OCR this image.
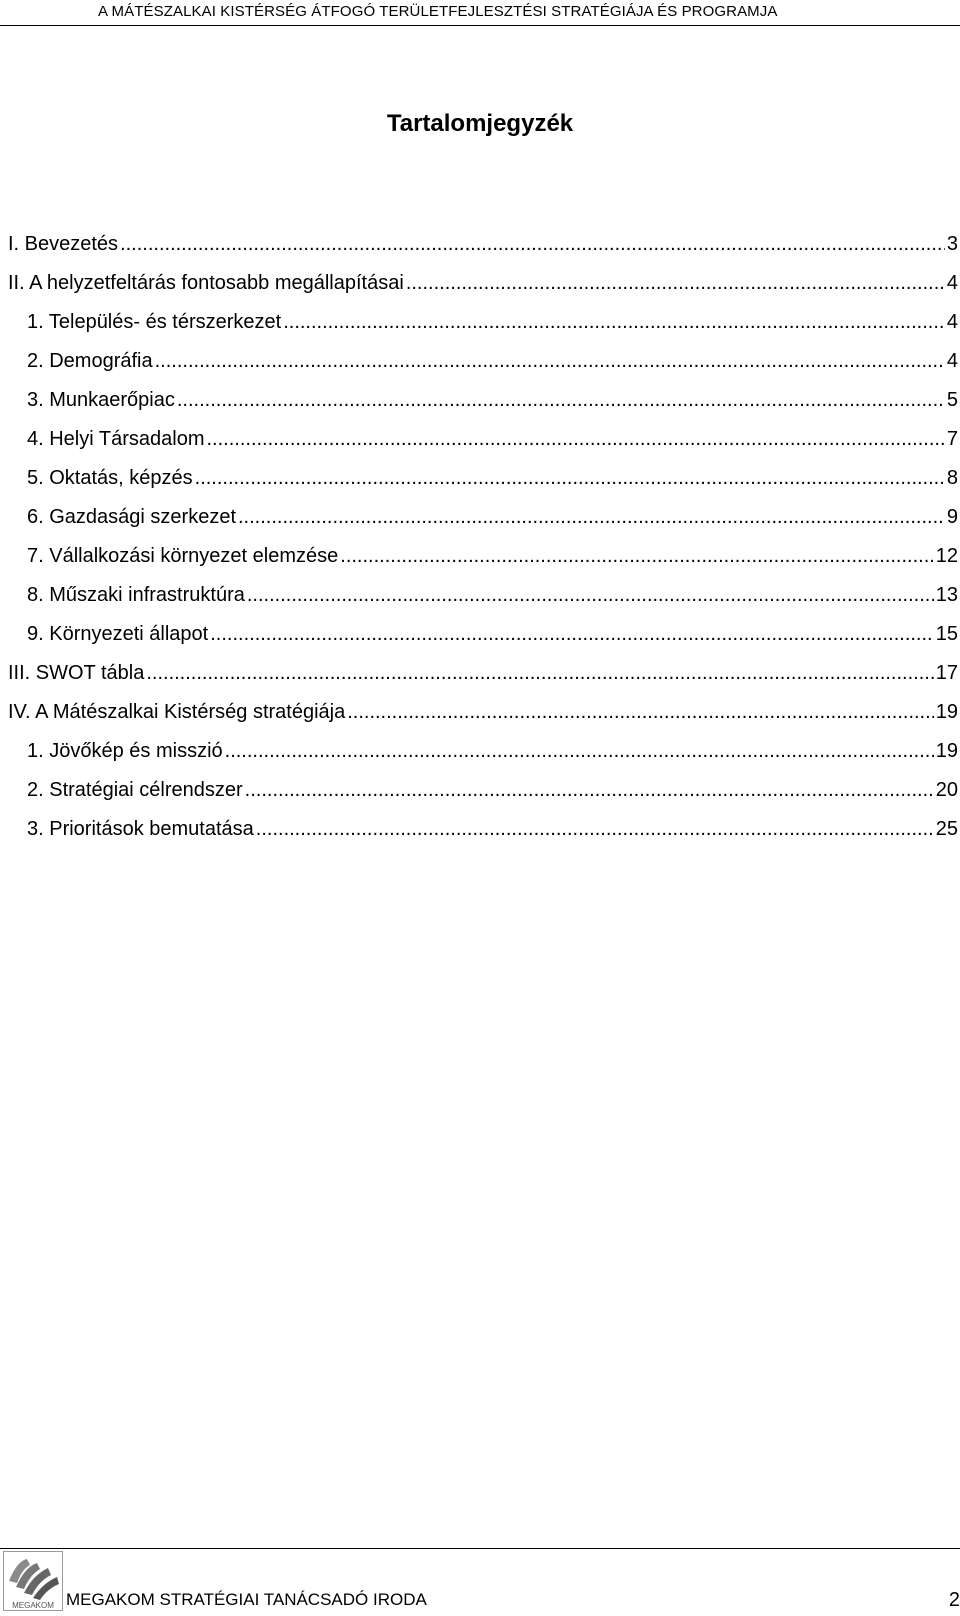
A MÁTÉSZALKAI KISTÉRSÉG ÁTFOGÓ TERÜLETFEJLESZTÉSI STRATÉGIÁJA ÉS PROGRAMJA
Tartalomjegyzék
I. Bevezetés .....	3
II. A helyzetfeltárás fontosabb megállapításai .....	4
1. Település- és térszerkezet .....	4
2. Demográfia .....	4
3. Munkaerőpiac .....	5
4. Helyi Társadalom .....	7
5. Oktatás, képzés .....	8
6. Gazdasági szerkezet .....	9
7. Vállalkozási környezet elemzése .....	12
8. Műszaki infrastruktúra .....	13
9. Környezeti állapot .....	15
III. SWOT tábla .....	17
IV. A Mátészalkai Kistérség stratégiája .....	19
1. Jövőkép és misszió .....	19
2. Stratégiai célrendszer .....	20
3. Prioritások bemutatása .....	25
MEGAKOM MEGAKOM STRATÉGIAI TANÁCSADÓ IRODA	2
